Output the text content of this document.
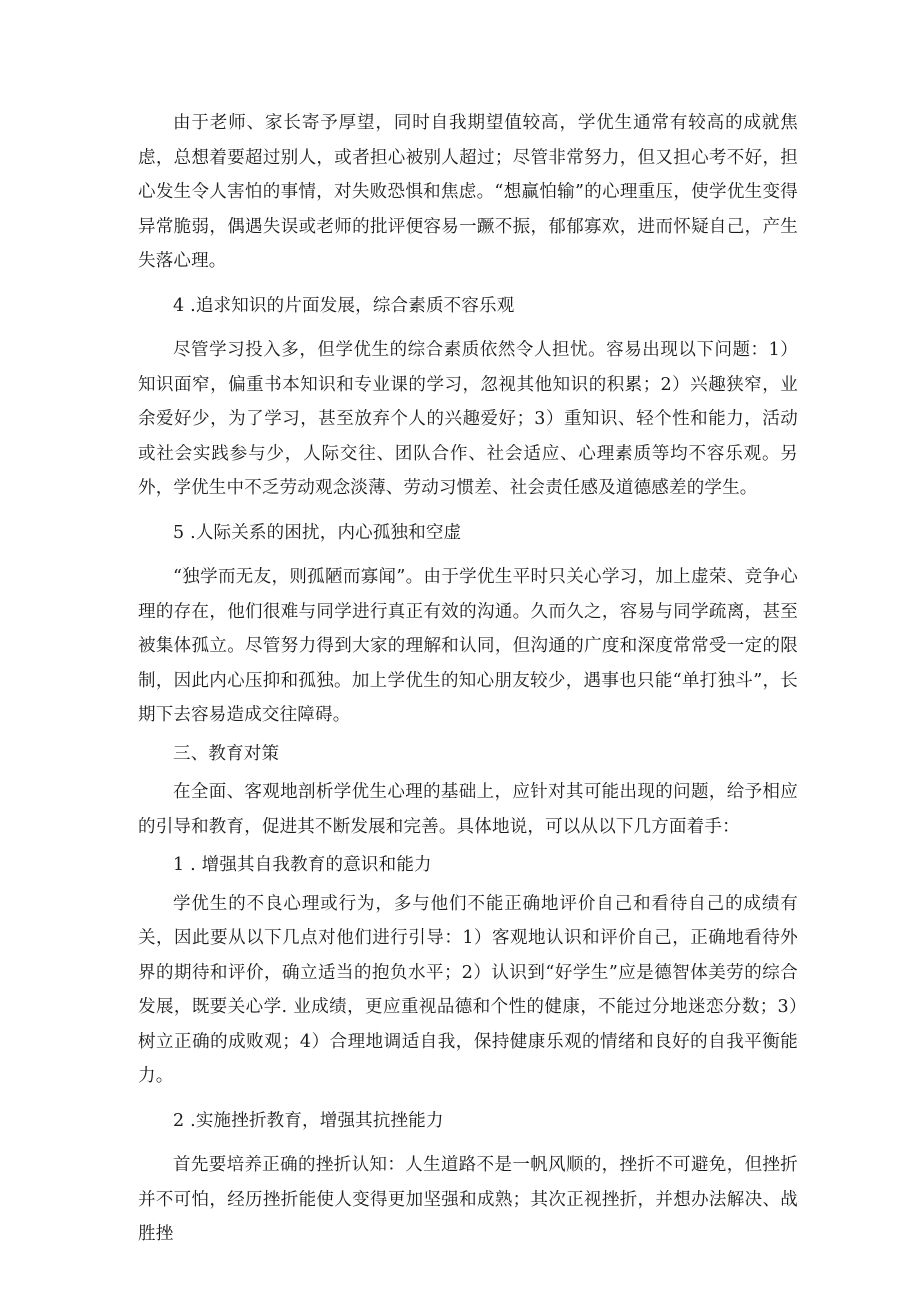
由于老师、家长寄予厚望，同时自我期望值较高，学优生通常有较高的成就焦虑，总想着要超过别人，或者担心被别人超过；尽管非常努力，但又担心考不好，担心发生令人害怕的事情，对失败恐惧和焦虑。“想赢怕输”的心理重压，使学优生变得异常脆弱，偶遇失误或老师的批评便容易一蹶不振，郁郁寡欢，进而怀疑自己，产生失落心理。

4 .追求知识的片面发展，综合素质不容乐观

尽管学习投入多，但学优生的综合素质依然令人担忧。容易出现以下问题：1）知识面窄，偏重书本知识和专业课的学习，忽视其他知识的积累；2）兴趣狭窄，业余爱好少，为了学习，甚至放弃个人的兴趣爱好；3）重知识、轻个性和能力，活动或社会实践参与少，人际交往、团队合作、社会适应、心理素质等均不容乐观。另外，学优生中不乏劳动观念淡薄、劳动习惯差、社会责任感及道德感差的学生。

5 .人际关系的困扰，内心孤独和空虚

“独学而无友，则孤陋而寡闻”。由于学优生平时只关心学习，加上虚荣、竞争心理的存在，他们很难与同学进行真正有效的沟通。久而久之，容易与同学疏离，甚至被集体孤立。尽管努力得到大家的理解和认同，但沟通的广度和深度常常受一定的限制，因此内心压抑和孤独。加上学优生的知心朋友较少，遇事也只能“单打独斗”，长期下去容易造成交往障碍。

三、教育对策

在全面、客观地剖析学优生心理的基础上，应针对其可能出现的问题，给予相应的引导和教育，促进其不断发展和完善。具体地说，可以从以下几方面着手：

1 . 增强其自我教育的意识和能力

学优生的不良心理或行为，多与他们不能正确地评价自己和看待自己的成绩有关，因此要从以下几点对他们进行引导：1）客观地认识和评价自己，正确地看待外界的期待和评价，确立适当的抱负水平；2）认识到“好学生”应是德智体美劳的综合发展，既要关心学. 业成绩，更应重视品德和个性的健康，不能过分地迷恋分数；3）树立正确的成败观；4）合理地调适自我，保持健康乐观的情绪和良好的自我平衡能力。

2 .实施挫折教育，增强其抗挫能力

首先要培养正确的挫折认知：人生道路不是一帆风顺的，挫折不可避免，但挫折并不可怕，经历挫折能使人变得更加坚强和成熟；其次正视挫折，并想办法解决、战胜挫
